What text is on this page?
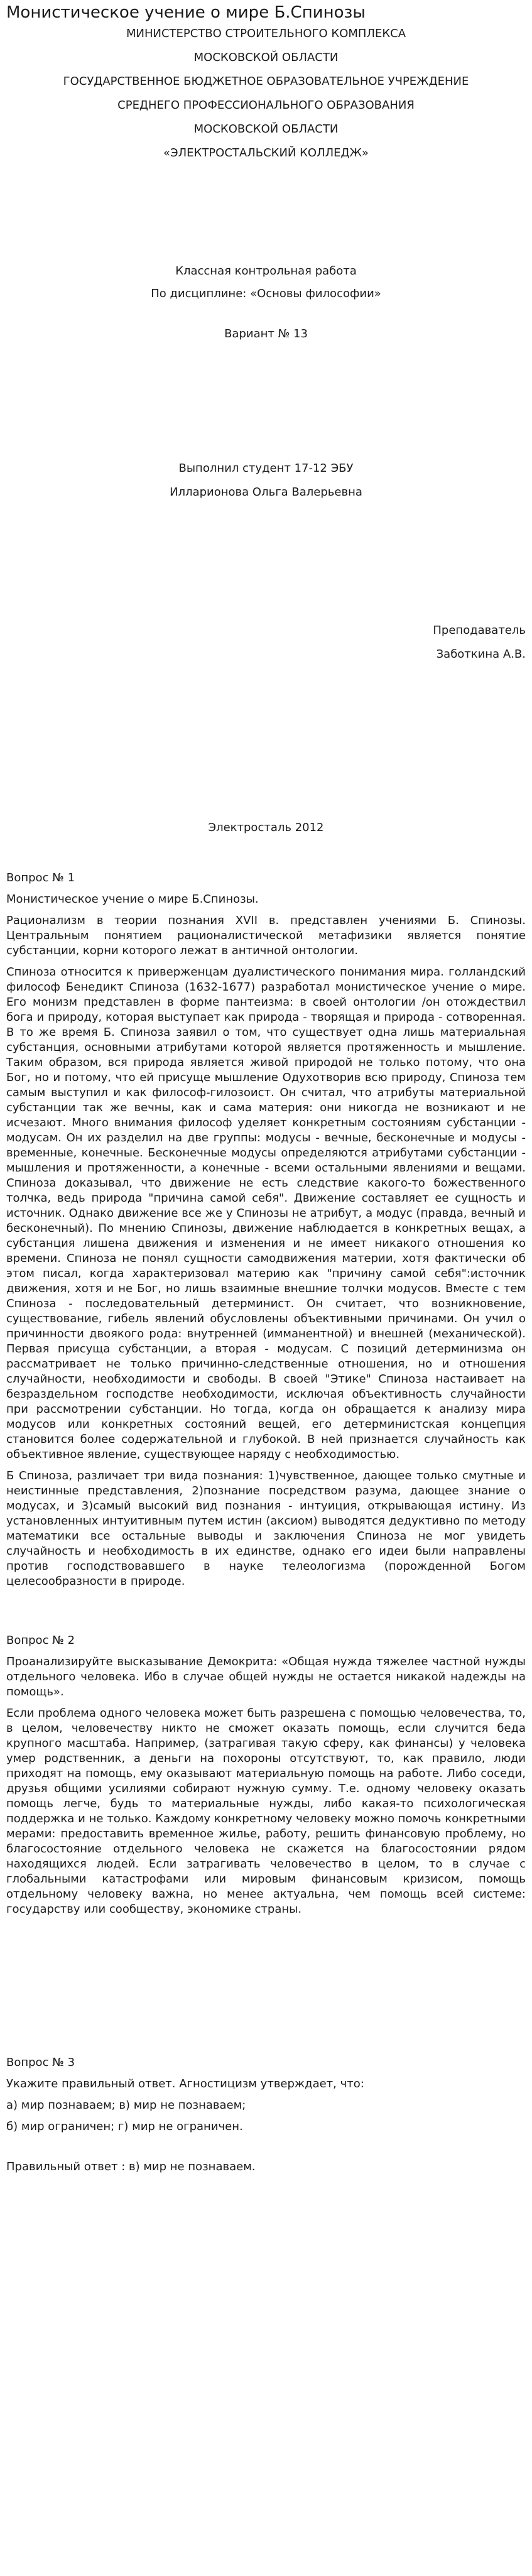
Монистическое учение о мире Б.Спинозы
МИНИСТЕРСТВО СТРОИТЕЛЬНОГО КОМПЛЕКСА
МОСКОВСКОЙ ОБЛАСТИ
ГОСУДАРСТВЕННОЕ БЮДЖЕТНОЕ ОБРАЗОВАТЕЛЬНОЕ УЧРЕЖДЕНИЕ
СРЕДНЕГО ПРОФЕССИОНАЛЬНОГО ОБРАЗОВАНИЯ
МОСКОВСКОЙ ОБЛАСТИ
«ЭЛЕКТРОСТАЛЬСКИЙ КОЛЛЕДЖ»
Классная контрольная работа
По дисциплине: «Основы философии»
Вариант № 13
Выполнил студент 17-12 ЭБУ
Илларионова Ольга Валерьевна
Преподаватель
Заботкина А.В.
Электросталь 2012

Вопрос № 1

Монистическое учение о мире Б.Спинозы.

Рационализм в теории познания XVII в. представлен учениями Б. Спинозы. Центральным понятием рационалистической метафизики является понятие субстанции, корни которого лежат в античной онтологии.

Спиноза относится к приверженцам дуалистического понимания мира. голландский философ Бенедикт Спиноза (1632-1677) разработал монистическое учение о мире. Его монизм представлен в форме пантеизма: в своей онтологии /он отождествил бога и природу, которая выступает как природа - творящая и природа - сотворенная. В то же время Б. Спиноза заявил о том, что существует одна лишь материальная субстанция, основными атрибутами которой является протяженность и мышление. Таким образом, вся природа является живой природой не только потому, что она Бог, но и потому, что ей присуще мышление Одухотворив всю природу, Спиноза тем самым выступил и как философ-гилозоист. Он считал, что атрибуты материальной субстанции так же вечны, как и сама материя: они никогда не возникают и не исчезают. Много внимания философ уделяет конкретным состояниям субстанции - модусам. Он их разделил на две группы: модусы - вечные, бесконечные и модусы - временные, конечные. Бесконечные модусы определяются атрибутами субстанции - мышления и протяженности, а конечные - всеми остальными явлениями и вещами. Спиноза доказывал, что движение не есть следствие какого-то божественного толчка, ведь природа "причина самой себя". Движение составляет ее сущность и источник. Однако движение все же у Спинозы не атрибут, а модус (правда, вечный и бесконечный). По мнению Спинозы, движение наблюдается в конкретных вещах, а субстанция лишена движения и изменения и не имеет никакого отношения ко времени. Спиноза не понял сущности самодвижения материи, хотя фактически об этом писал, когда характеризовал материю как "причину самой себя":источник движения, хотя и не Бог, но лишь взаимные внешние толчки модусов. Вместе с тем Спиноза - последовательный детерминист. Он считает, что возникновение, существование, гибель явлений обусловлены объективными причинами. Он учил о причинности двоякого рода: внутренней (имманентной) и внешней (механической). Первая присуща субстанции, а вторая - модусам. С позиций детерминизма он рассматривает не только причинно-следственные отношения, но и отношения случайности, необходимости и свободы. В своей "Этике" Спиноза настаивает на безраздельном господстве необходимости, исключая объективность случайности при рассмотрении субстанции. Но тогда, когда он обращается к анализу мира модусов или конкретных состояний вещей, его детерминистская концепция становится более содержательной и глубокой. В ней признается случайность как объективное явление, существующее наряду с необходимостью.

Б Спиноза, различает три вида познания: 1)чувственное, дающее только смутные и неистинные представления, 2)познание посредством разума, дающее знание о модусах, и 3)самый высокий вид познания - интуиция, открывающая истину. Из установленных интуитивным путем истин (аксиом) выводятся дедуктивно по методу математики все остальные выводы и заключения Спиноза не мог увидеть случайность и необходимость в их единстве, однако его идеи были направлены против господствовавшего в науке телеологизма (порожденной Богом целесообразности в природе.

Вопрос № 2

Проанализируйте высказывание Демокрита: «Общая нужда тяжелее частной нужды отдельного человека. Ибо в случае общей нужды не остается никакой надежды на помощь».

Если проблема одного человека может быть разрешена с помощью человечества, то, в целом, человечеству никто не сможет оказать помощь, если случится беда крупного масштаба. Например, (затрагивая такую сферу, как финансы) у человека умер родственник, а деньги на похороны отсутствуют, то, как правило, люди приходят на помощь, ему оказывают материальную помощь на работе. Либо соседи, друзья общими усилиями собирают нужную сумму. Т.е. одному человеку оказать помощь легче, будь то материальные нужды, либо какая-то психологическая поддержка и не только. Каждому конкретному человеку можно помочь конкретными мерами: предоставить временное жилье, работу, решить финансовую проблему, но благосостояние отдельного человека не скажется на благосостоянии рядом находящихся людей. Если затрагивать человечество в целом, то в случае с глобальными катастрофами или мировым финансовым кризисом, помощь отдельному человеку важна, но менее актуальна, чем помощь всей системе: государству или сообществу, экономике страны.

Вопрос № 3

Укажите правильный ответ. Агностицизм утверждает, что:

а) мир познаваем; в) мир не познаваем;

б) мир ограничен; г) мир не ограничен.

Правильный ответ : в) мир не познаваем.
